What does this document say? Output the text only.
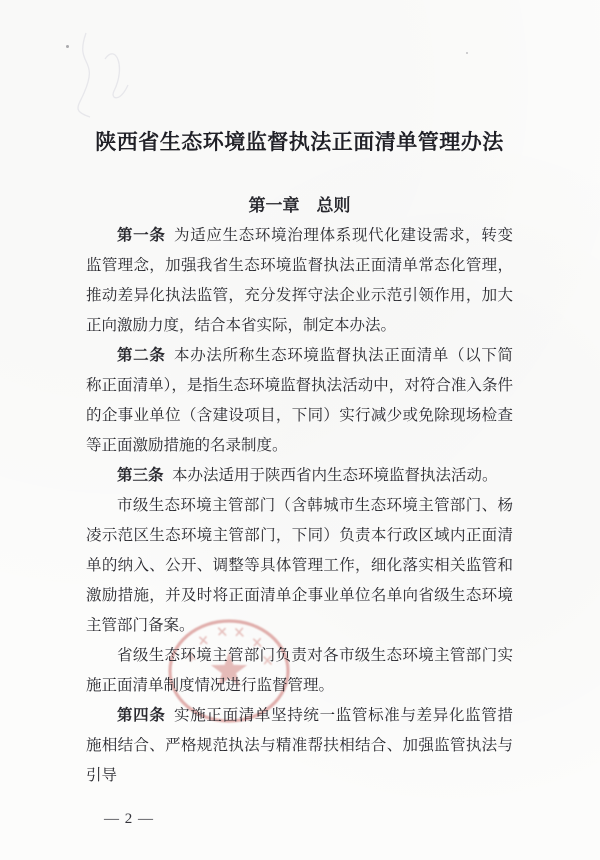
陕西省生态环境监督执法正面清单管理办法
第一章　总则

第一条 为适应生态环境治理体系现代化建设需求，转变监管理念，加强我省生态环境监督执法正面清单常态化管理，推动差异化执法监管，充分发挥守法企业示范引领作用，加大正向激励力度，结合本省实际，制定本办法。

第二条 本办法所称生态环境监督执法正面清单（以下简称正面清单），是指生态环境监督执法活动中，对符合准入条件的企事业单位（含建设项目，下同）实行减少或免除现场检查等正面激励措施的名录制度。

第三条 本办法适用于陕西省内生态环境监督执法活动。

市级生态环境主管部门（含韩城市生态环境主管部门、杨凌示范区生态环境主管部门，下同）负责本行政区域内正面清单的纳入、公开、调整等具体管理工作，细化落实相关监管和激励措施，并及时将正面清单企事业单位名单向省级生态环境主管部门备案。

省级生态环境主管部门负责对各市级生态环境主管部门实施正面清单制度情况进行监督管理。

第四条 实施正面清单坚持统一监管标准与差异化监管措施相结合、严格规范执法与精准帮扶相结合、加强监管执法与引导

— 2 —
